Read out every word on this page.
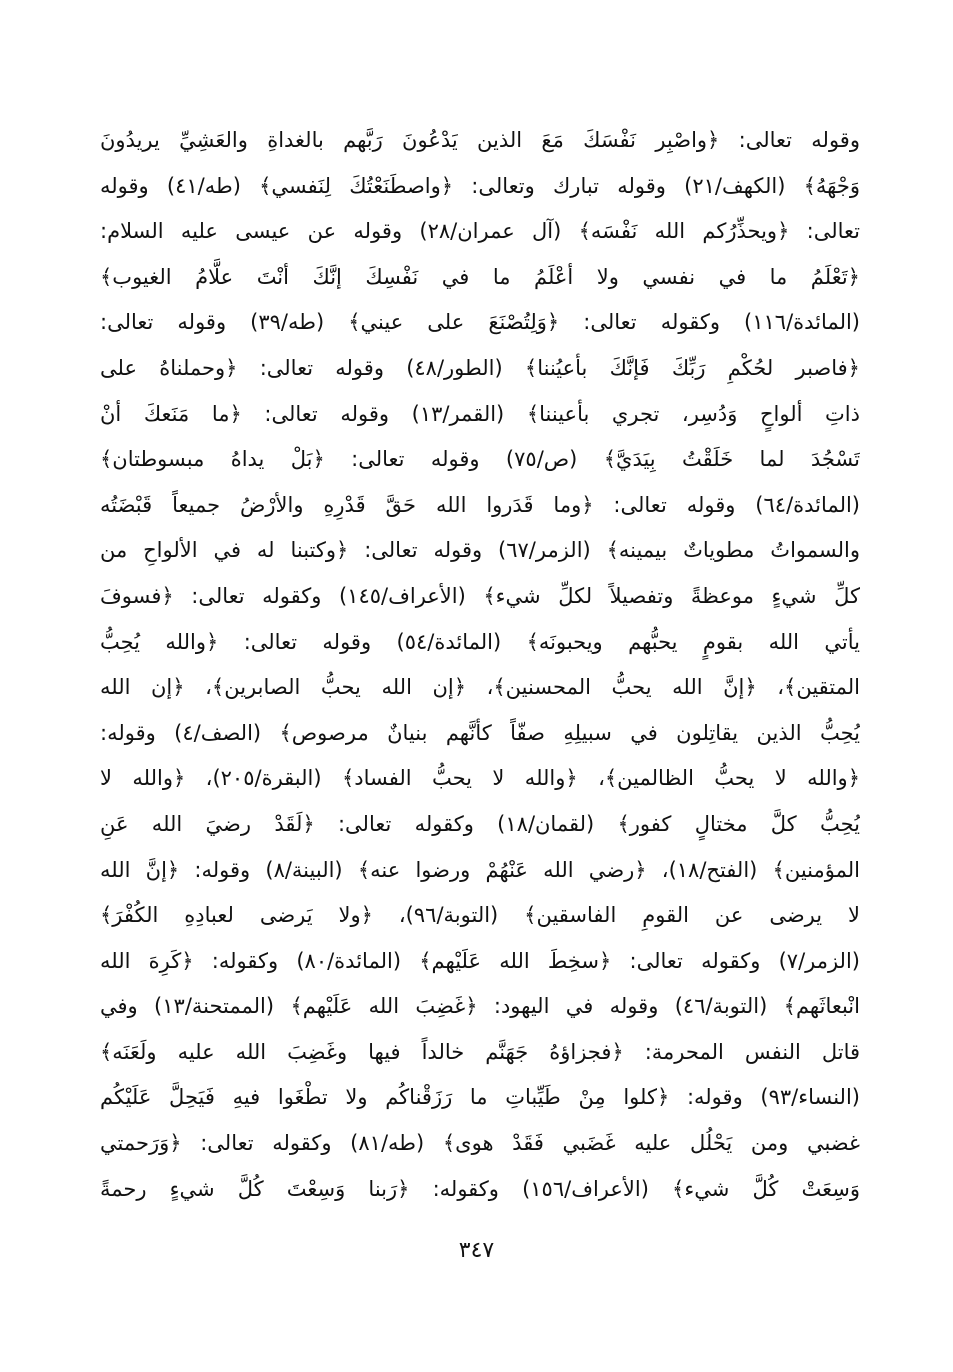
وقوله تعالى: ﴿واصْبِر نَفْسَكَ مَعَ الذين يَدْعُونَ رَبَّهم بالغداةِ والعَشِيِّ يريدُونَ
وَجْهَهُ﴾ (الكهف/٢١) وقوله تبارك وتعالى: ﴿واصطَنَعْتُكَ لِنَفسي﴾ (طه/٤١) وقوله
تعالى: ﴿ويحذِّرُكم الله نَفْسَه﴾ (آل عمران/٢٨) وقوله عن عيسى عليه السلام:
﴿تَعْلَمُ ما في نفسي ولا أعْلَمُ ما في نَفْسِكَ إنَّكَ أنْتَ علَّامُ الغيوب﴾
(المائدة/١١٦) وكقوله تعالى: ﴿وَلِتُصْنَعَ على عيني﴾ (طه/٣٩) وقوله تعالى:
﴿فاصبر لحُكْمِ رَبِّكَ فَإنَّكَ بأعيُننا﴾ (الطور/٤٨) وقوله تعالى: ﴿وحملناهُ على
ذاتِ ألواحٍ وَدُسِر، تجري بأعيننا﴾ (القمر/١٣) وقوله تعالى: ﴿ما مَنَعكَ أنْ
تَسْجُدَ لما خَلَقْتُ بِيَدَيَّ﴾ (ص/٧٥) وقوله تعالى: ﴿بَلْ يداهُ مبسوطتان﴾
(المائدة/٦٤) وقوله تعالى: ﴿وما قَدَروا الله حَقَّ قَدْرِهِ والأرْضُ جميعاً قَبْضَتُه
والسمواتُ مطوياتٌ بيمينه﴾ (الزمر/٦٧) وقوله تعالى: ﴿وكتبنا له في الألواحِ من
كلِّ شيءٍ موعظةً وتفصيلاً لكلِّ شيء﴾ (الأعراف/١٤٥) وكقوله تعالى: ﴿فسوفَ
يأتي الله بقومٍ يحبُّهم ويحبونَه﴾ (المائدة/٥٤) وقوله تعالى: ﴿والله يُحِبُّ
المتقين﴾، ﴿إنَّ الله يحبُّ المحسنين﴾، ﴿إن الله يحبُّ الصابرين﴾، ﴿إن الله
يُحِبُّ الذين يقاتِلون في سبيلِهِ صفّاً كأنَّهم بنيانٌ مرصوص﴾ (الصف/٤) وقوله:
﴿والله لا يحبُّ الظالمين﴾، ﴿والله لا يحبُّ الفساد﴾ (البقرة/٢٠٥)، ﴿والله لا
يُحِبُّ كلَّ مختالٍ كفور﴾ (لقمان/١٨) وكقوله تعالى: ﴿لَقَدْ رضيَ الله عَنِ
المؤمنين﴾ (الفتح/١٨)، ﴿رضي الله عَنْهُمْ ورضوا عنه﴾ (البينة/٨) وقوله: ﴿إنَّ الله
لا يرضى عن القومِ الفاسقين﴾ (التوبة/٩٦)، ﴿ولا يَرضى لعبادِهِ الكُفْرَ﴾
(الزمر/٧) وكقوله تعالى: ﴿سخِطَ الله عَلَيْهم﴾ (المائدة/٨٠) وكقوله: ﴿كَرِهَ الله
انْبعاثَهم﴾ (التوبة/٤٦) وقوله في اليهود: ﴿غَضِبَ الله عَلَيْهم﴾ (الممتحنة/١٣) وفي
قاتل النفس المحرمة: ﴿فجزاؤهُ جَهَنَّم خالداً فيها وغَضِبَ الله عليه ولَعَنَه﴾
(النساء/٩٣) وقوله: ﴿كلوا مِنْ طَيِّباتِ ما رَزَقْناكُم ولا تطْغَوا فيهِ فَيَحِلَّ عَلَيْكُم
غضبي ومن يَحْلُل عليه غَضَبي فَقَدْ هوى﴾ (طه/٨١) وكقوله تعالى: ﴿وَرَحمتي
وَسِعَتْ كُلَّ شيء﴾ (الأعراف/١٥٦) وكقوله: ﴿رَبنا وَسِعْتَ كُلَّ شيءٍ رحمةً
٣٤٧
